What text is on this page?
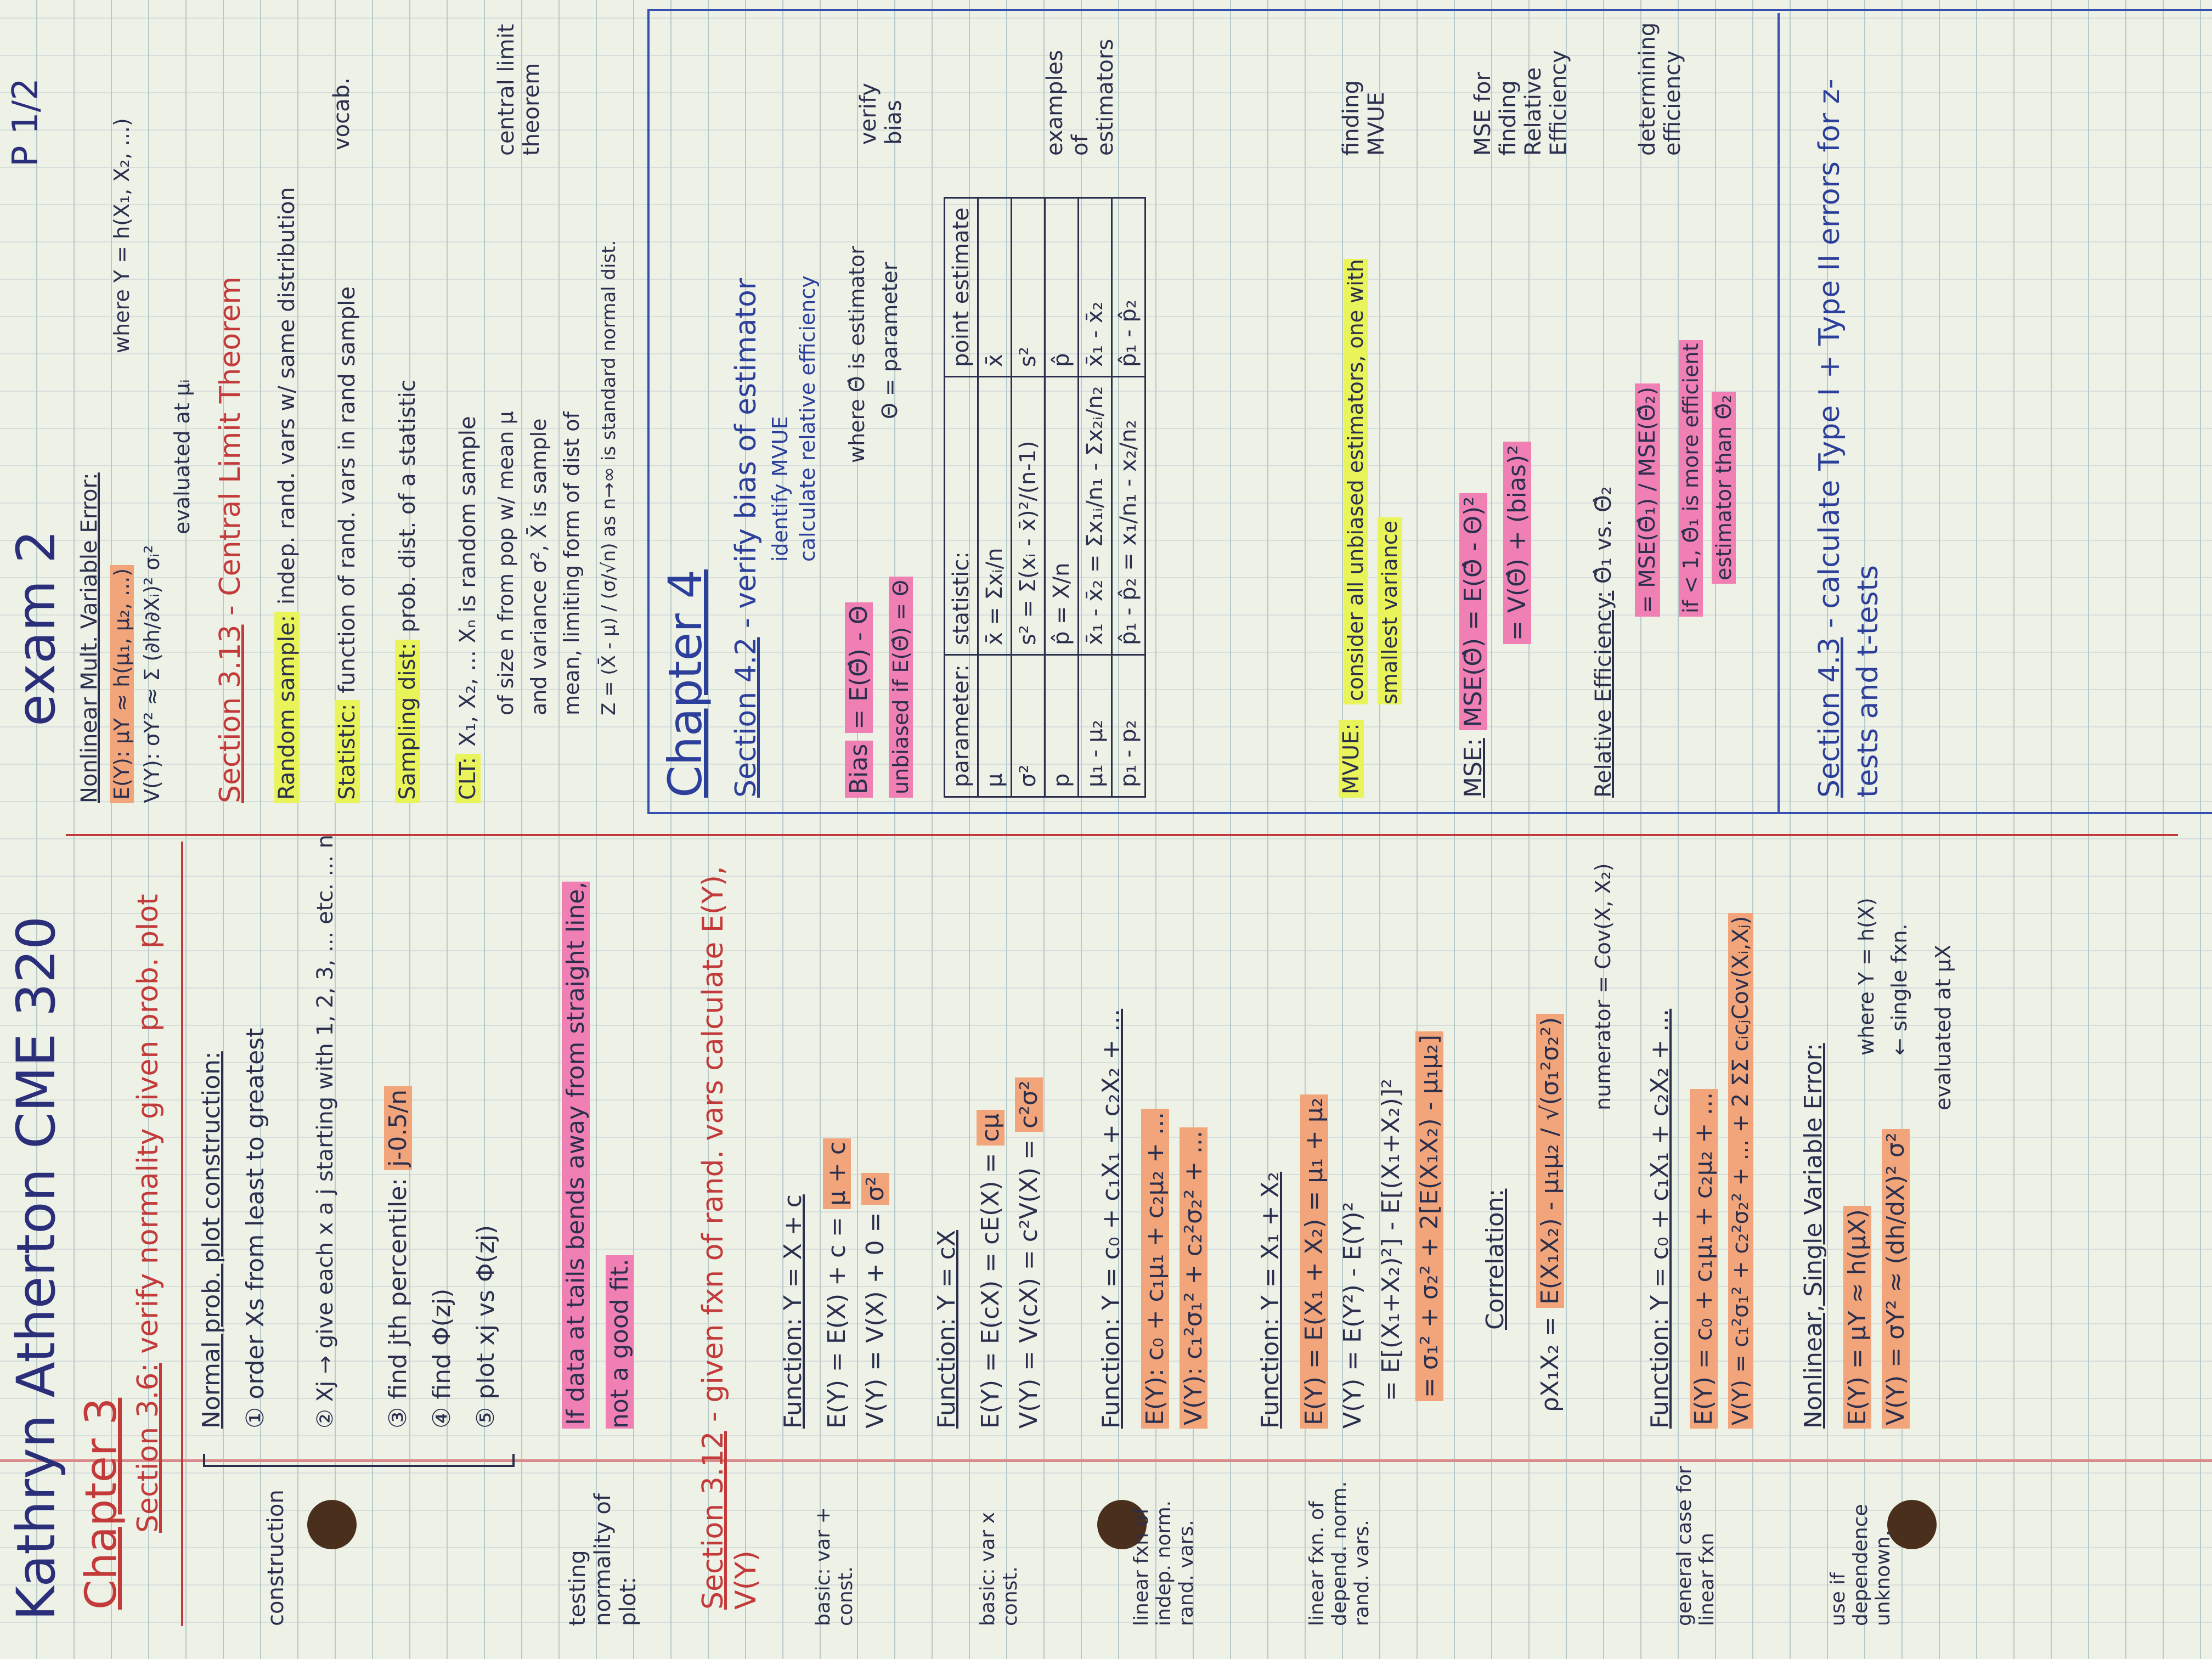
Kathryn Atherton
CME 320
exam 2
P 1/2
Chapter 3 Section 3.6: verify normality given prob. plot
construction
Normal prob. plot construction: ① order Xs from least to greatest ② Xj → give each x a j starting with 1, 2, 3, ... etc. ... n ③ find jth percentile: j-0.5/n
④ find Φ(zj) ⑤ plot xj vs Φ(zj)
testing normality of plot:
If data at tails bends away from straight line, not a good fit.
Section 3.12 - given fxn of rand. vars calculate E(Y), V(Y)	basic: var + const.
Function: Y = X + c E(Y) = E(X) + c = μ + c
V(Y) = V(X) + 0 = σ²
basic: var x const.
Function: Y = cX E(Y) = E(cX) = cE(X) = cμ
V(Y) = V(cX) = c²V(X) = c²σ²
linear fxn of indep. norm. rand. vars.
Function: Y = c₀ + c₁X₁ + c₂X₂ + ... E(Y): c₀ + c₁μ₁ + c₂μ₂ + ... V(Y): c₁²σ₁² + c₂²σ₂² + ...
linear fxn. of depend. norm. rand. vars.
Function: Y = X₁ + X₂ E(Y) = E(X₁ + X₂) = μ₁ + μ₂ V(Y) = E(Y²) - E(Y)² = E[(X₁+X₂)²] - E[(X₁+X₂)]² = σ₁² + σ₂² + 2[E(X₁X₂) - μ₁μ₂] Correlation:
ρX₁X₂ =
E(X₁X₂) - μ₁μ₂ / √(σ₁²σ₂²)
numerator = Cov(X, X₂)
general case for linear fxn
Function: Y = c₀ + c₁X₁ + c₂X₂ + ... E(Y) = c₀ + c₁μ₁ + c₂μ₂ + ... V(Y) = c₁²σ₁² + c₂²σ₂² + ... + 2 ΣΣ cᵢcⱼCov(Xᵢ,Xⱼ)
use if dependence unknown.
Nonlinear, Single Variable Error: E(Y) = μY ≈ h(μX) V(Y) = σY² ≈ (dh/dX)² σ²
where Y = h(X) ← single fxn. evaluated at μX
Nonlinear Mult. Variable Error: E(Y): μY ≈ h(μ₁, μ₂, ...) V(Y): σY² ≈ Σ (∂h/∂Xᵢ)² σᵢ²
where Y = h(X₁, X₂, ...)
evaluated at μᵢ
Section 3.13 - Central Limit Theorem
Random sample: indep. rand. vars w/ same distribution
Statistic: function of rand. vars in rand sample
Sampling dist: prob. dist. of a statistic
vocab.
CLT: X₁, X₂, ... Xₙ is random sample of size n from pop w/ mean μ and variance σ², X̄ is sample mean, limiting form of dist of Z = (X̄ - μ) / (σ/√n) as n→∞ is standard normal dist.
central limit theorem
Chapter 4 Section 4.2 - verify bias of estimator identify MVUE calculate relative efficiency
Bias = E(Θ̂) - Θ unbiased if E(Θ̂) = Θ
where Θ̂ is estimator Θ = parameter
verify bias
parameter:	statistic:	point estimate
μ	x̄ = Σxᵢ/n	x̄
σ²	s² = Σ(xᵢ - x̄)²/(n-1)	s²
p	p̂ = X/n	p̂
μ₁ - μ₂	x̄₁ - x̄₂ = Σx₁ᵢ/n₁ - Σx₂ᵢ/n₂	x̄₁ - x̄₂
p₁ - p₂	p̂₁ - p̂₂ = x₁/n₁ - x₂/n₂	p̂₁ - p̂₂
examples of estimators
MVUE:
consider all unbiased estimators, one with smallest variance
finding MVUE
MSE: MSE(Θ̂) = E(Θ̂ - Θ)² = V(Θ̂) + (bias)²
MSE for finding Relative Efficiency
Relative Efficiency: Θ̂₁ vs. Θ̂₂ = MSE(Θ̂₁) / MSE(Θ̂₂) if < 1, Θ̂₁ is more efficient estimator than Θ̂₂
determining efficiency
Section 4.3 - calculate Type I + Type II errors for z-tests and t-tests
